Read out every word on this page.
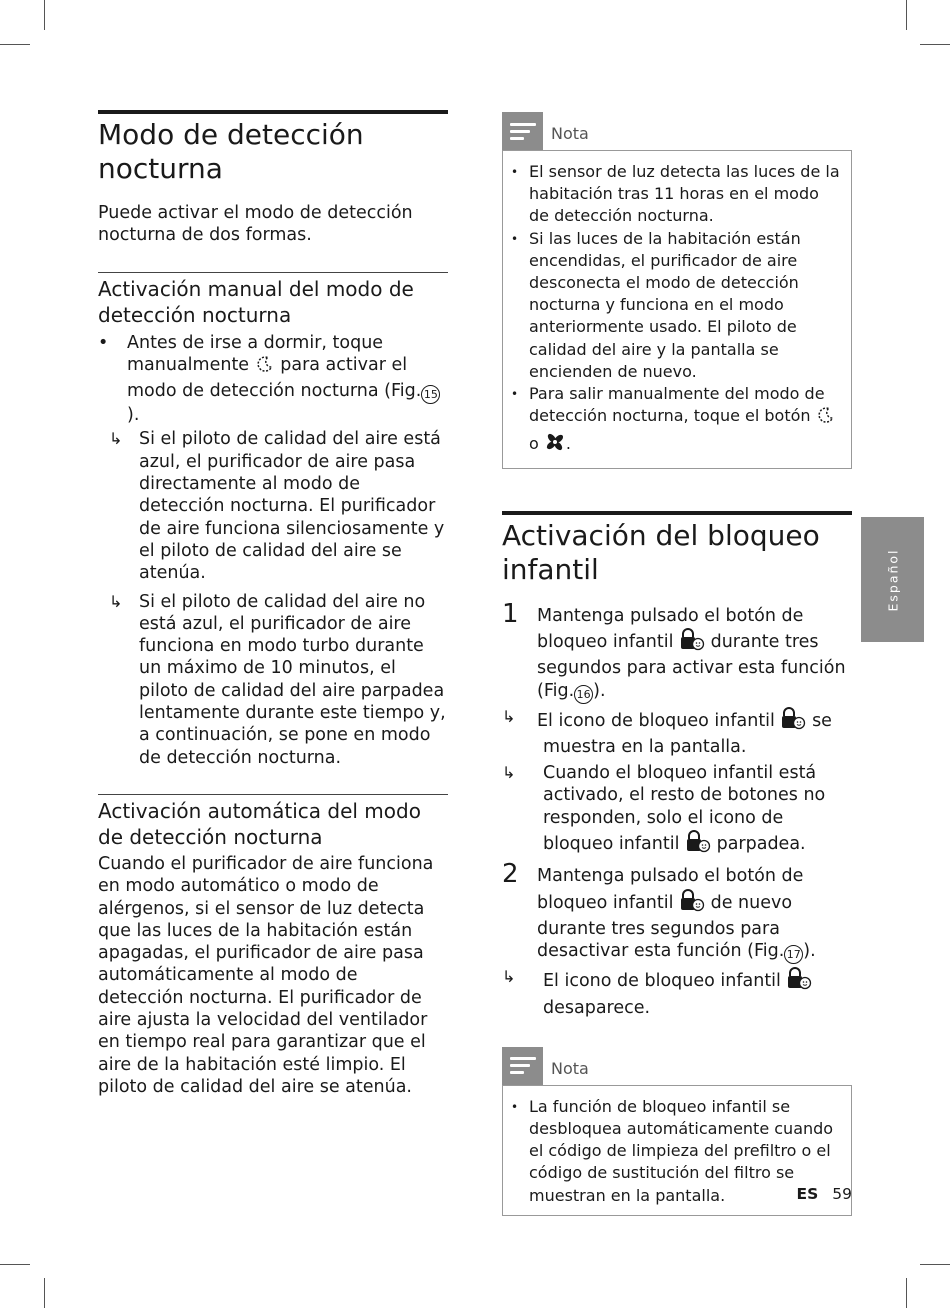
Modo de detección nocturna

Puede activar el modo de detección nocturna de dos formas.

Activación manual del modo de detección nocturna
• Antes de irse a dormir, toque manualmente para activar el modo de detección nocturna (Fig. 15).
↳ Si el piloto de calidad del aire está azul, el purificador de aire pasa directamente al modo de detección nocturna. El purificador de aire funciona silenciosamente y el piloto de calidad del aire se atenúa.
↳ Si el piloto de calidad del aire no está azul, el purificador de aire funciona en modo turbo durante un máximo de 10 minutos, el piloto de calidad del aire parpadea lentamente durante este tiempo y, a continuación, se pone en modo de detección nocturna.
Activación automática del modo de detección nocturna

Cuando el purificador de aire funciona en modo automático o modo de alérgenos, si el sensor de luz detecta que las luces de la habitación están apagadas, el purificador de aire pasa automáticamente al modo de detección nocturna. El purificador de aire ajusta la velocidad del ventilador en tiempo real para garantizar que el aire de la habitación esté limpio. El piloto de calidad del aire se atenúa.

Nota
• El sensor de luz detecta las luces de la habitación tras 11 horas en el modo de detección nocturna.
• Si las luces de la habitación están encendidas, el purificador de aire desconecta el modo de detección nocturna y funciona en el modo anteriormente usado. El piloto de calidad del aire y la pantalla se encienden de nuevo.
• Para salir manualmente del modo de detección nocturna, toque el botón  o .
Activación del bloqueo infantil
1 Mantenga pulsado el botón de bloqueo infantil durante tres segundos para activar esta función (Fig. 16 ).
↳ El icono de bloqueo infantil se muestra en la pantalla.
↳ Cuando el bloqueo infantil está activado, el resto de botones no responden, solo el icono de bloqueo infantil parpadea.
2 Mantenga pulsado el botón de bloqueo infantil de nuevo durante tres segundos para desactivar esta función (Fig. 17 ).
↳ El icono de bloqueo infantil  desaparece.
Nota
• La función de bloqueo infantil se desbloquea automáticamente cuando el código de limpieza del prefiltro o el código de sustitución del filtro se muestran en la pantalla.
Español
ES 59
